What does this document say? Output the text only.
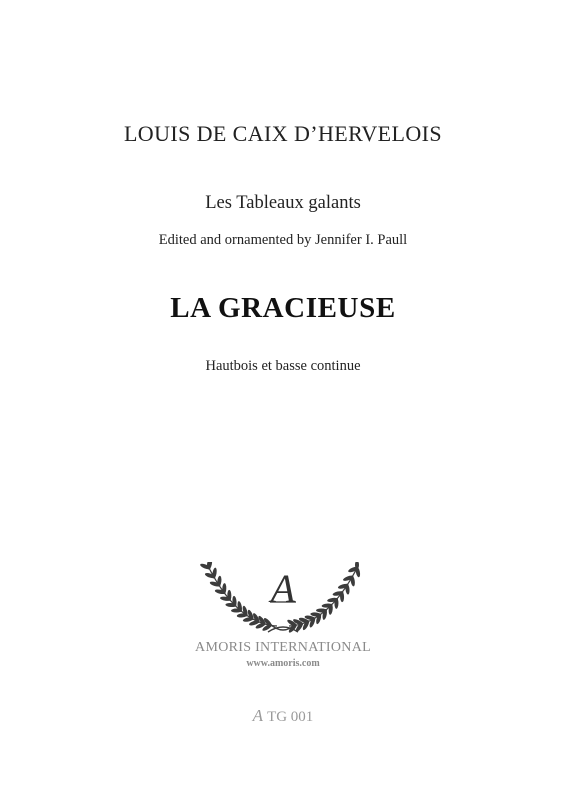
LOUIS DE CAIX D’HERVELOIS
Les Tableaux galants
Edited and ornamented by Jennifer I. Paull
LA GRACIEUSE
Hautbois et basse continue
A
AMORIS INTERNATIONAL
www.amoris.com
A TG 001
